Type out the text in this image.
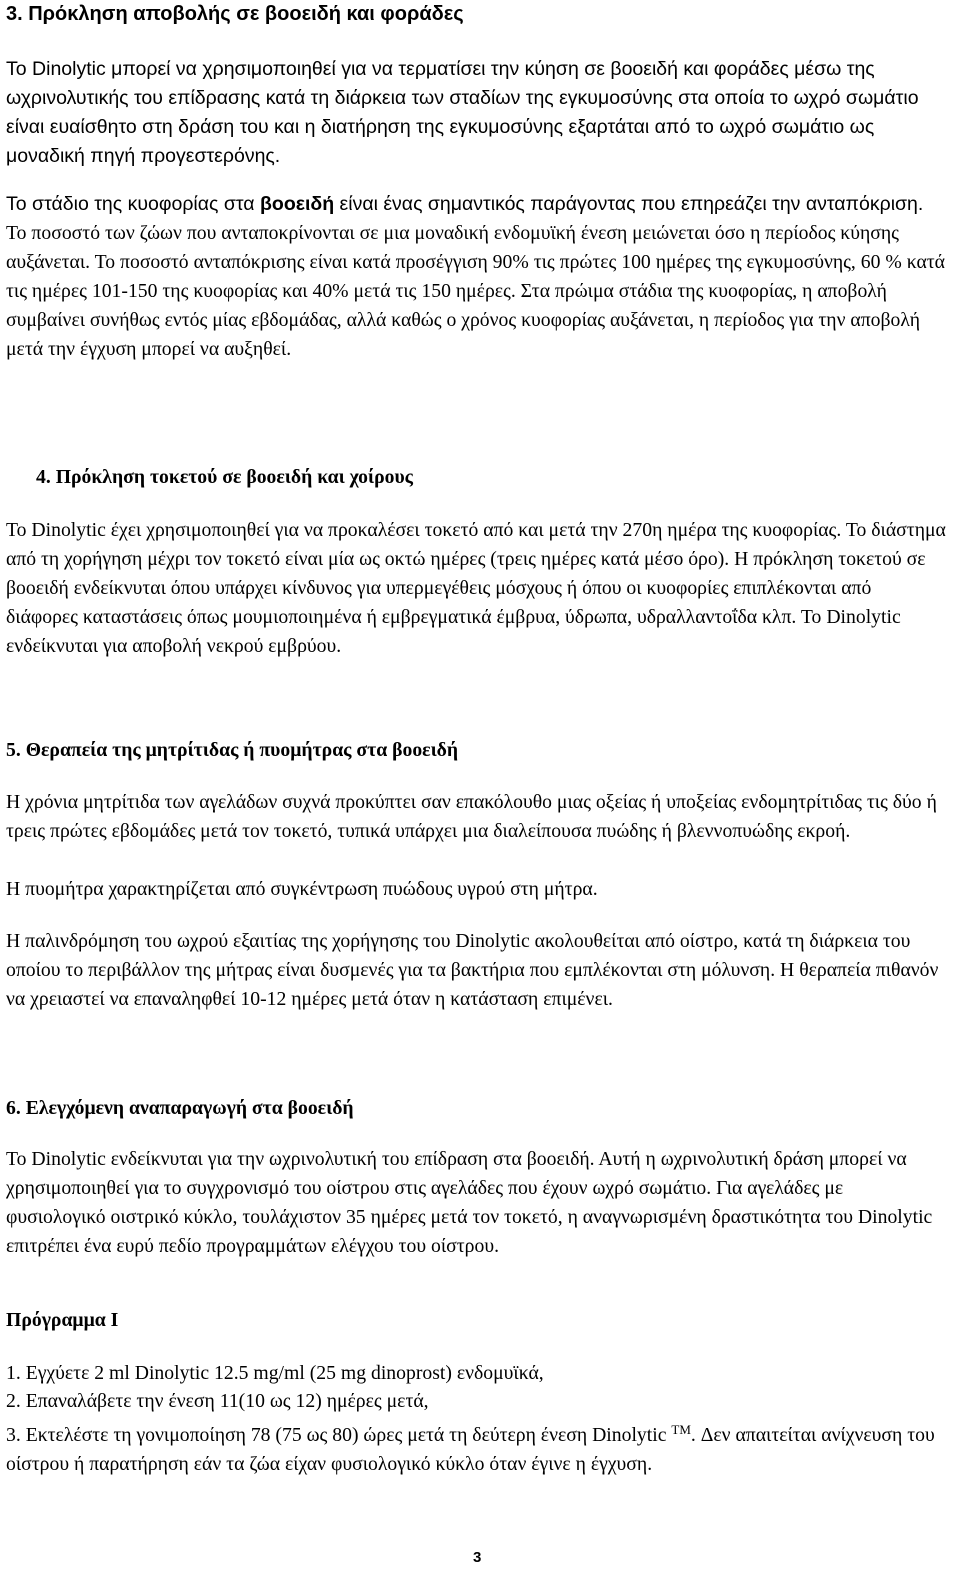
3. Πρόκληση αποβολής σε βοοειδή και φοράδες

Το Dinolytic μπορεί να χρησιμοποιηθεί για να τερματίσει την κύηση σε βοοειδή και φοράδες μέσω της ωχρινολυτικής του επίδρασης κατά τη διάρκεια των σταδίων της εγκυμοσύνης στα οποία το ωχρό σωμάτιο είναι ευαίσθητο στη δράση του και η διατήρηση της εγκυμοσύνης εξαρτάται από το ωχρό σωμάτιο ως μοναδική πηγή προγεστερόνης.

Το στάδιο της κυοφορίας στα βοοειδή είναι ένας σημαντικός παράγοντας που επηρεάζει την ανταπόκριση. Το ποσοστό των ζώων που ανταποκρίνονται σε μια μοναδική ενδομυϊκή ένεση μειώνεται όσο η περίοδος κύησης αυξάνεται. Το ποσοστό ανταπόκρισης είναι κατά προσέγγιση 90% τις πρώτες 100 ημέρες της εγκυμοσύνης, 60 % κατά τις ημέρες 101-150 της κυοφορίας και 40% μετά τις 150 ημέρες. Στα πρώιμα στάδια της κυοφορίας, η αποβολή συμβαίνει συνήθως εντός μίας εβδομάδας, αλλά καθώς ο χρόνος κυοφορίας αυξάνεται, η περίοδος για την αποβολή μετά την έγχυση μπορεί να αυξηθεί.

4. Πρόκληση τοκετού σε βοοειδή και χοίρους

Το Dinolytic έχει χρησιμοποιηθεί για να προκαλέσει τοκετό από και μετά την 270η ημέρα της κυοφορίας. Το διάστημα από τη χορήγηση μέχρι τον τοκετό είναι μία ως οκτώ ημέρες (τρεις ημέρες κατά μέσο όρο). Η πρόκληση τοκετού σε βοοειδή ενδείκνυται όπου υπάρχει κίνδυνος για υπερμεγέθεις μόσχους ή όπου οι κυοφορίες επιπλέκονται από διάφορες καταστάσεις όπως μουμιοποιημένα ή εμβρεγματικά έμβρυα, ύδρωπα, υδραλλαντοΐδα κλπ. Το Dinolytic ενδείκνυται για αποβολή νεκρού εμβρύου.

5. Θεραπεία της μητρίτιδας ή πυομήτρας στα βοοειδή

Η χρόνια μητρίτιδα των αγελάδων συχνά προκύπτει σαν επακόλουθο μιας οξείας ή υποξείας ενδομητρίτιδας τις δύο ή τρεις πρώτες εβδομάδες μετά τον τοκετό, τυπικά υπάρχει μια διαλείπουσα πυώδης ή βλεννοπυώδης εκροή.

Η πυομήτρα χαρακτηρίζεται από συγκέντρωση πυώδους υγρού στη μήτρα.

Η παλινδρόμηση του ωχρού εξαιτίας της χορήγησης του Dinolytic ακολουθείται από οίστρο, κατά τη διάρκεια του οποίου το περιβάλλον της μήτρας είναι δυσμενές για τα βακτήρια που εμπλέκονται στη μόλυνση. Η θεραπεία πιθανόν να χρειαστεί να επαναληφθεί 10-12 ημέρες μετά όταν η κατάσταση επιμένει.

6. Ελεγχόμενη αναπαραγωγή στα βοοειδή

Το Dinolytic ενδείκνυται για την ωχρινολυτική του επίδραση στα βοοειδή. Αυτή η ωχρινολυτική δράση μπορεί να χρησιμοποιηθεί για το συγχρονισμό του οίστρου στις αγελάδες που έχουν ωχρό σωμάτιο. Για αγελάδες με φυσιολογικό οιστρικό κύκλο, τουλάχιστον 35 ημέρες μετά τον τοκετό, η αναγνωρισμένη δραστικότητα του Dinolytic επιτρέπει ένα ευρύ πεδίο προγραμμάτων ελέγχου του οίστρου.

Πρόγραμμα Ι

1. Εγχύετε 2 ml Dinolytic 12.5 mg/ml (25 mg dinoprost) ενδομυϊκά,

2. Επαναλάβετε την ένεση 11(10 ως 12) ημέρες μετά,

3. Εκτελέστε τη γονιμοποίηση 78 (75 ως 80) ώρες μετά τη δεύτερη ένεση Dinolytic ™. Δεν απαιτείται ανίχνευση του οίστρου ή παρατήρηση εάν τα ζώα είχαν φυσιολογικό κύκλο όταν έγινε η έγχυση.

3
